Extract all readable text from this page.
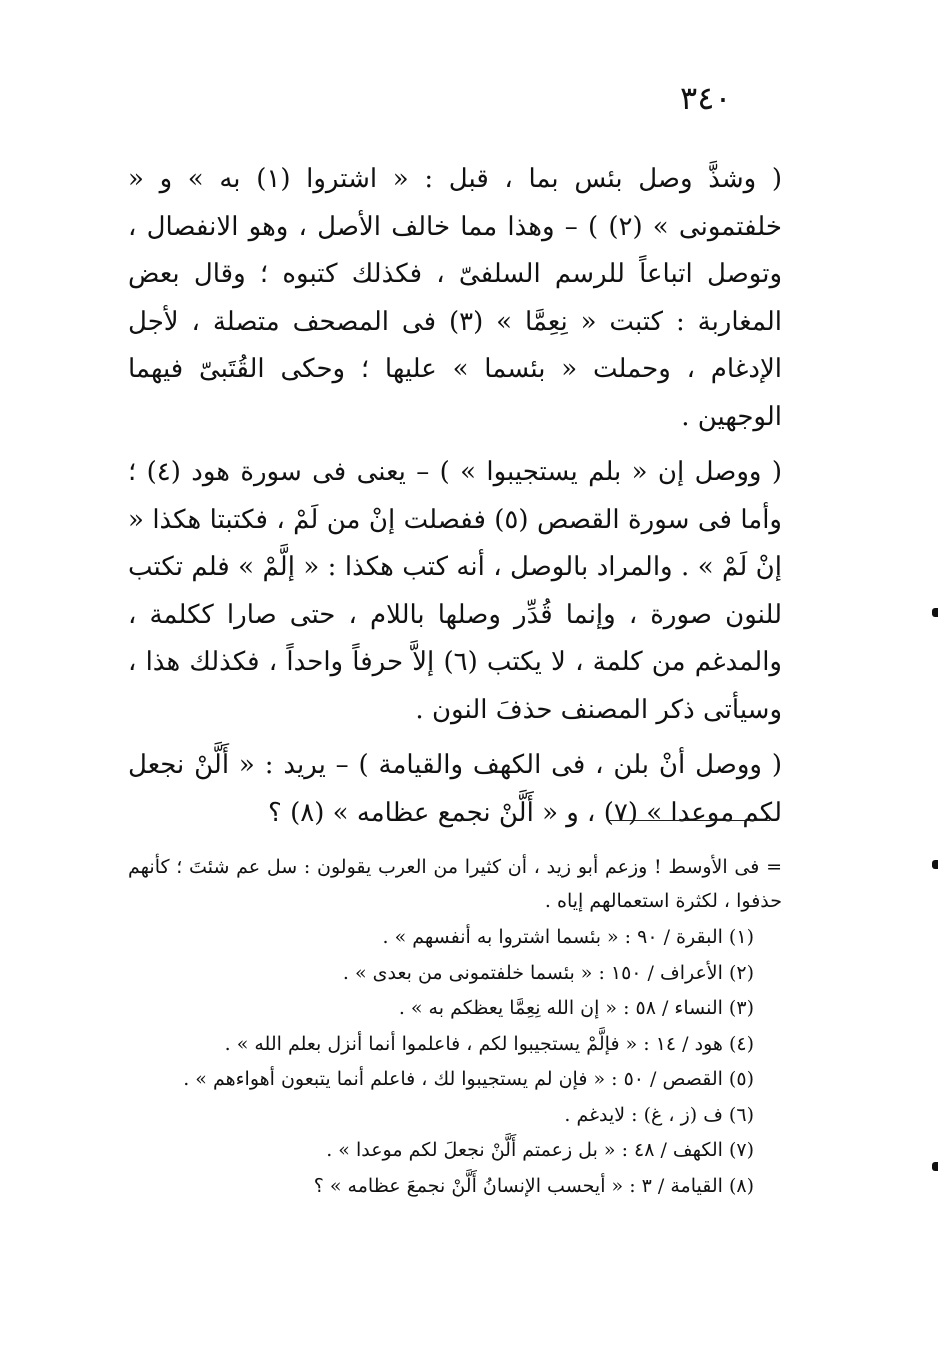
٣٤٠

( وشذَّ وصل بئس بما ، قبل : « اشتروا (١) به » و « خلفتمونى » (٢) ) – وهذا مما خالف الأصل ، وهو الانفصال ، وتوصل اتباعاً للرسم السلفىّ ، فكذلك كتبوه ؛ وقال بعض المغاربة : كتبت « نِعِمَّا » (٣) فى المصحف متصلة ، لأجل الإدغام ، وحملت « بئسما » عليها ؛ وحكى القُتَبىّ فيهما الوجهين .

( ووصل إن « بلم يستجيبوا » ) – يعنى فى سورة هود (٤) ؛ وأما فى سورة القصص (٥) ففصلت إنْ من لَمْ ، فكتبتا هكذا « إنْ لَمْ » . والمراد بالوصل ، أنه كتب هكذا : « إلَّمْ » فلم تكتب للنون صورة ، وإنما قُدِّر وصلها باللام ، حتى صارا ككلمة ، والمدغم من كلمة ، لا يكتب (٦) إلاَّ حرفاً واحداً ، فكذلك هذا ، وسيأتى ذكر المصنف حذفَ النون .

( ووصل أنْ بلن ، فى الكهف والقيامة ) – يريد : « أَلَّنْ نجعل لكم موعدا » (٧) ، و « أَلَّنْ نجمع عظامه » (٨) ؟

= فى الأوسط ! وزعم أبو زيد ، أن كثيرا من العرب يقولون : سل عم شئتَ ؛ كأنهم حذفوا ، لكثرة استعمالهم إياه .

(١) البقرة / ٩٠ : « بئسما اشتروا به أنفسهم » .
(٢) الأعراف / ١٥٠ : « بئسما خلفتمونى من بعدى » .
(٣) النساء / ٥٨ : « إن الله نِعِمَّا يعظكم به » .
(٤) هود / ١٤ : « فإلَّمْ يستجيبوا لكم ، فاعلموا أنما أنزل بعلم الله » .
(٥) القصص / ٥٠ : « فإن لم يستجيبوا لك ، فاعلم أنما يتبعون أهواءهم » .
(٦) ف (ز ، غ) : لايدغم .
(٧) الكهف / ٤٨ : « بل زعمتم أَلَّنْ نجعلَ لكم موعدا » .
(٨) القيامة / ٣ : « أيحسب الإنسانُ أَلَّنْ نجمعَ عظامه » ؟
